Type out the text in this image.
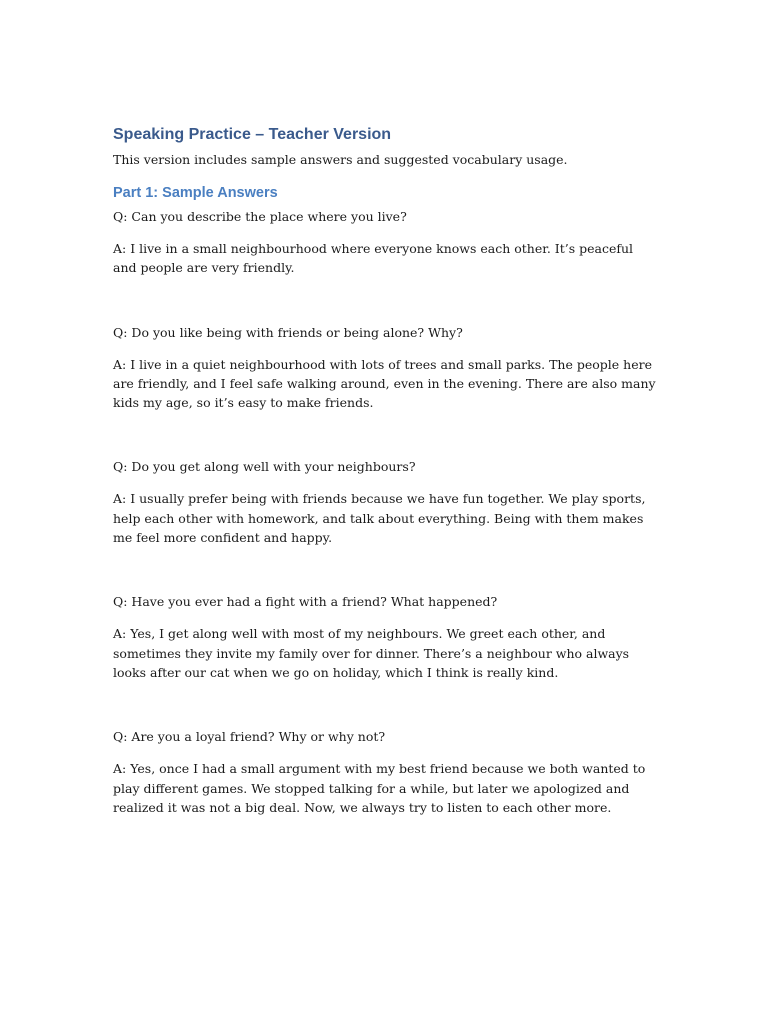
Speaking Practice – Teacher Version

This version includes sample answers and suggested vocabulary usage.

Part 1: Sample Answers

Q: Can you describe the place where you live?

A: I live in a small neighbourhood where everyone knows each other. It’s peaceful and people are very friendly.

Q: Do you like being with friends or being alone? Why?

A: I live in a quiet neighbourhood with lots of trees and small parks. The people here are friendly, and I feel safe walking around, even in the evening. There are also many kids my age, so it’s easy to make friends.

Q: Do you get along well with your neighbours?

A: I usually prefer being with friends because we have fun together. We play sports, help each other with homework, and talk about everything. Being with them makes me feel more confident and happy.

Q: Have you ever had a fight with a friend? What happened?

A: Yes, I get along well with most of my neighbours. We greet each other, and sometimes they invite my family over for dinner. There’s a neighbour who always looks after our cat when we go on holiday, which I think is really kind.

Q: Are you a loyal friend? Why or why not?

A: Yes, once I had a small argument with my best friend because we both wanted to play different games. We stopped talking for a while, but later we apologized and realized it was not a big deal. Now, we always try to listen to each other more.
